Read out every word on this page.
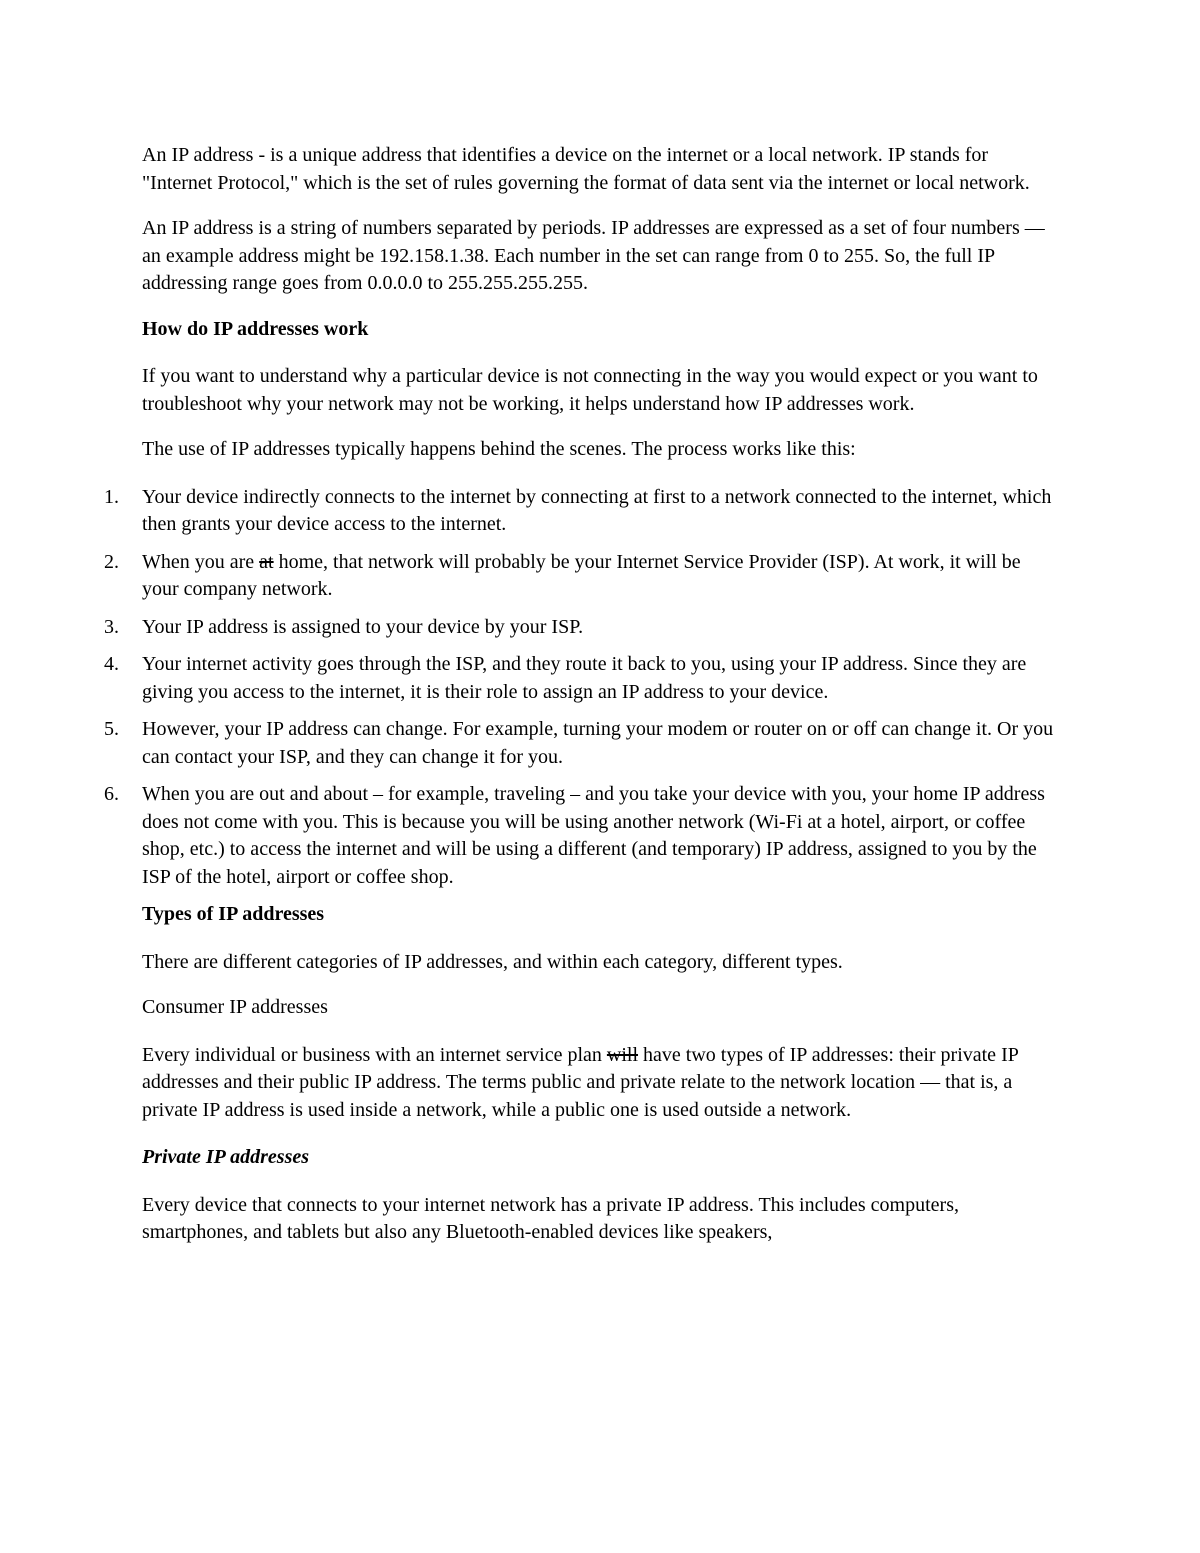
An IP address - is a unique address that identifies a device on the internet or a local network. IP stands for "Internet Protocol," which is the set of rules governing the format of data sent via the internet or local network.

An IP address is a string of numbers separated by periods. IP addresses are expressed as a set of four numbers — an example address might be 192.158.1.38. Each number in the set can range from 0 to 255. So, the full IP addressing range goes from 0.0.0.0 to 255.255.255.255.

How do IP addresses work

If you want to understand why a particular device is not connecting in the way you would expect or you want to troubleshoot why your network may not be working, it helps understand how IP addresses work.

The use of IP addresses typically happens behind the scenes. The process works like this:

1. Your device indirectly connects to the internet by connecting at first to a network connected to the internet, which then grants your device access to the internet.
2. When you are at home, that network will probably be your Internet Service Provider (ISP). At work, it will be your company network.
3. Your IP address is assigned to your device by your ISP.
4. Your internet activity goes through the ISP, and they route it back to you, using your IP address. Since they are giving you access to the internet, it is their role to assign an IP address to your device.
5. However, your IP address can change. For example, turning your modem or router on or off can change it. Or you can contact your ISP, and they can change it for you.
6. When you are out and about – for example, traveling – and you take your device with you, your home IP address does not come with you. This is because you will be using another network (Wi-Fi at a hotel, airport, or coffee shop, etc.) to access the internet and will be using a different (and temporary) IP address, assigned to you by the ISP of the hotel, airport or coffee shop.
Types of IP addresses

There are different categories of IP addresses, and within each category, different types.

Consumer IP addresses

Every individual or business with an internet service plan will have two types of IP addresses: their private IP addresses and their public IP address. The terms public and private relate to the network location — that is, a private IP address is used inside a network, while a public one is used outside a network.

Private IP addresses

Every device that connects to your internet network has a private IP address. This includes computers, smartphones, and tablets but also any Bluetooth-enabled devices like speakers,
